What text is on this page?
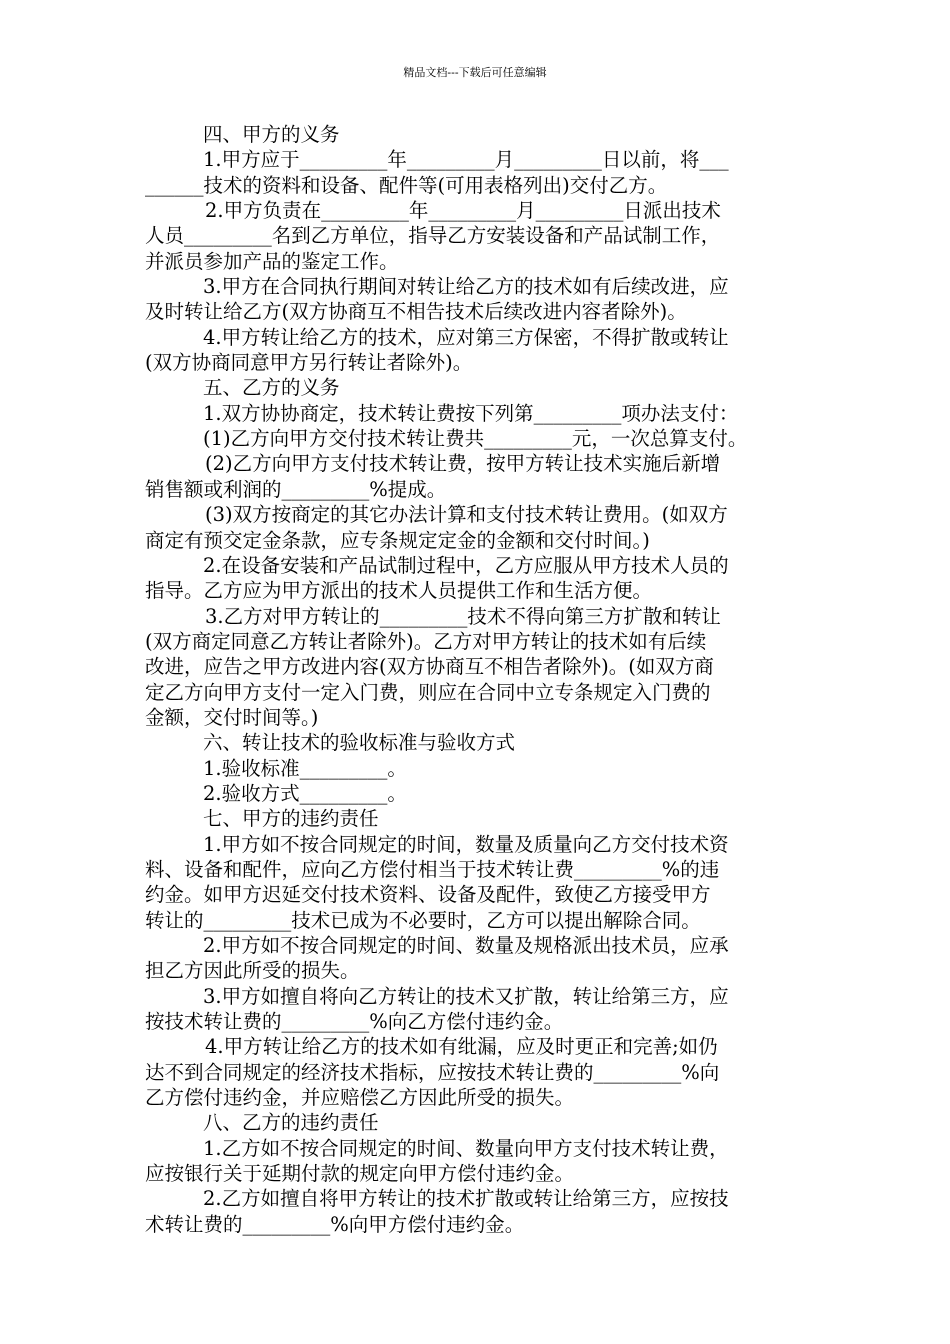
精品文档---下载后可任意编辑
四、甲方的义务
1.甲方应于_________年_________月_________日以前，将___
______技术的资料和设备、配件等(可用表格列出)交付乙方。
2.甲方负责在_________年_________月_________日派出技术
人员_________名到乙方单位，指导乙方安装设备和产品试制工作，
并派员参加产品的鉴定工作。
3.甲方在合同执行期间对转让给乙方的技术如有后续改进，应
及时转让给乙方(双方协商互不相告技术后续改进内容者除外)。
4.甲方转让给乙方的技术，应对第三方保密，不得扩散或转让
(双方协商同意甲方另行转让者除外)。
五、乙方的义务
1.双方协协商定，技术转让费按下列第_________项办法支付：
(1)乙方向甲方交付技术转让费共_________元，一次总算支付。
(2)乙方向甲方支付技术转让费，按甲方转让技术实施后新增
销售额或利润的_________%提成。
(3)双方按商定的其它办法计算和支付技术转让费用。(如双方
商定有预交定金条款，应专条规定定金的金额和交付时间。)
2.在设备安装和产品试制过程中，乙方应服从甲方技术人员的
指导。乙方应为甲方派出的技术人员提供工作和生活方便。
3.乙方对甲方转让的_________技术不得向第三方扩散和转让
(双方商定同意乙方转让者除外)。乙方对甲方转让的技术如有后续
改进，应告之甲方改进内容(双方协商互不相告者除外)。(如双方商
定乙方向甲方支付一定入门费，则应在合同中立专条规定入门费的
金额，交付时间等。)
六、转让技术的验收标准与验收方式
1.验收标准_________。
2.验收方式_________。
七、甲方的违约责任
1.甲方如不按合同规定的时间，数量及质量向乙方交付技术资
料、设备和配件，应向乙方偿付相当于技术转让费_________%的违
约金。如甲方迟延交付技术资料、设备及配件，致使乙方接受甲方
转让的_________技术已成为不必要时，乙方可以提出解除合同。
2.甲方如不按合同规定的时间、数量及规格派出技术员，应承
担乙方因此所受的损失。
3.甲方如擅自将向乙方转让的技术又扩散，转让给第三方，应
按技术转让费的_________%向乙方偿付违约金。
4.甲方转让给乙方的技术如有纰漏，应及时更正和完善;如仍
达不到合同规定的经济技术指标，应按技术转让费的_________%向
乙方偿付违约金，并应赔偿乙方因此所受的损失。
八、乙方的违约责任
1.乙方如不按合同规定的时间、数量向甲方支付技术转让费，
应按银行关于延期付款的规定向甲方偿付违约金。
2.乙方如擅自将甲方转让的技术扩散或转让给第三方，应按技
术转让费的_________%向甲方偿付违约金。
